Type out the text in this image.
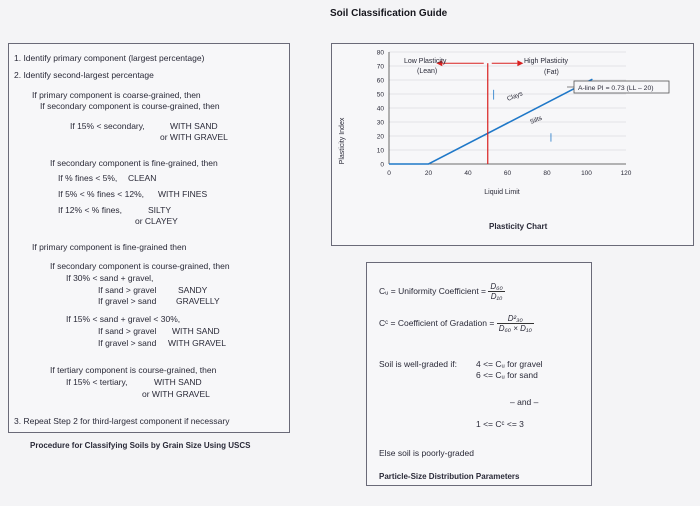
Soil Classification Guide
1. Identify primary component (largest percentage)
2. Identify second-largest percentage
If primary component is coarse-grained, then
If secondary component is course-grained, then
If 15% < secondary,	WITH SAND
or WITH GRAVEL
If secondary component is fine-grained, then
If % fines < 5%, CLEAN
If 5% < % fines < 12%, WITH FINES
If 12% < % fines,	SILTY
or CLAYEY
If primary component is fine-grained then
If secondary component is course-grained, then
If 30% < sand + gravel,
If sand > gravel	SANDY
If gravel > sand GRAVELLY
If 15% < sand + gravel < 30%,
If sand > gravel WITH SAND
If gravel > sand WITH GRAVEL
If tertiary component is course-grained, then
If 15% < tertiary,	WITH SAND
or WITH GRAVEL
3. Repeat Step 2 for third-largest component if necessary
Procedure for Classifying Soils by Grain Size Using USCS
0
10
20
30
40
50
60
70
80
0	20	40	60	80	100	120
Plasticity Index
Liquid Limit
Low Plasticity
(Lean)
High Plasticity
(Fat)
Clays
Silts
A-line PI = 0.73 (LL – 20)
Plasticity Chart
Cᵤ = Uniformity Coefficient = $\frac{\text{D₆₀}}{\text{D₁₀}}$
Cᶜ = Coefficient of Gradation = $\frac{\text{D²₃₀}}{\text{D₆₀ × D₁₀}}$
Soil is well-graded if: 4 <= Cᵤ for gravel
6 <= Cᵤ for sand
– and –
1 <= Cᶜ <= 3
Else soil is poorly-graded
Particle-Size Distribution Parameters
